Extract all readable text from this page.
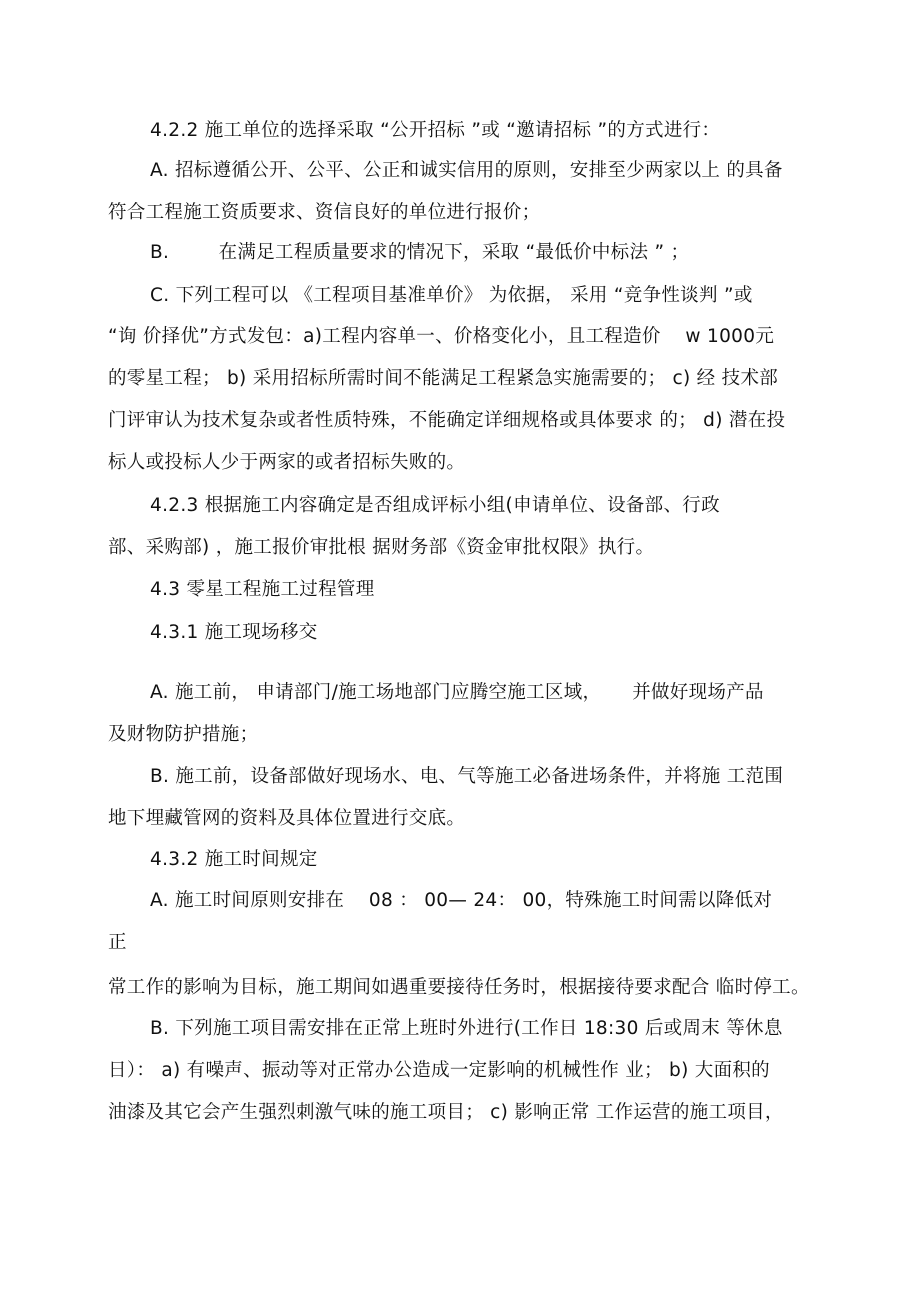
4.2.2 施工单位的选择采取 “公开招标 ”或 “邀请招标 ”的方式进行：
A. 招标遵循公开、公平、公正和诚实信用的原则，安排至少两家以上 的具备
符合工程施工资质要求、资信良好的单位进行报价；
B.        在满足工程质量要求的情况下，采取 “最低价中标法 ” ；
C. 下列工程可以 《工程项目基准单价》 为依据， 采用 “竞争性谈判 ”或
“询 价择优”方式发包：a)工程内容单一、价格变化小，且工程造价    w 1000元
的零星工程； b) 采用招标所需时间不能满足工程紧急实施需要的； c) 经 技术部
门评审认为技术复杂或者性质特殊，不能确定详细规格或具体要求 的； d) 潜在投
标人或投标人少于两家的或者招标失败的。
4.2.3 根据施工内容确定是否组成评标小组(申请单位、设备部、行政
部、采购部) ，施工报价审批根 据财务部《资金审批权限》执行。
4.3 零星工程施工过程管理
4.3.1 施工现场移交
A. 施工前， 申请部门/施工场地部门应腾空施工区域，     并做好现场产品
及财物防护措施；
B. 施工前，设备部做好现场水、电、气等施工必备进场条件，并将施 工范围
地下埋藏管网的资料及具体位置进行交底。
4.3.2 施工时间规定
A. 施工时间原则安排在    08 ： 00— 24： 00，特殊施工时间需以降低对
正
常工作的影响为目标，施工期间如遇重要接待任务时，根据接待要求配合 临时停工。
B. 下列施工项目需安排在正常上班时外进行(工作日 18:30 后或周末 等休息
日）： a) 有噪声、振动等对正常办公造成一定影响的机械性作 业； b) 大面积的
油漆及其它会产生强烈刺激气味的施工项目； c) 影响正常 工作运营的施工项目，
